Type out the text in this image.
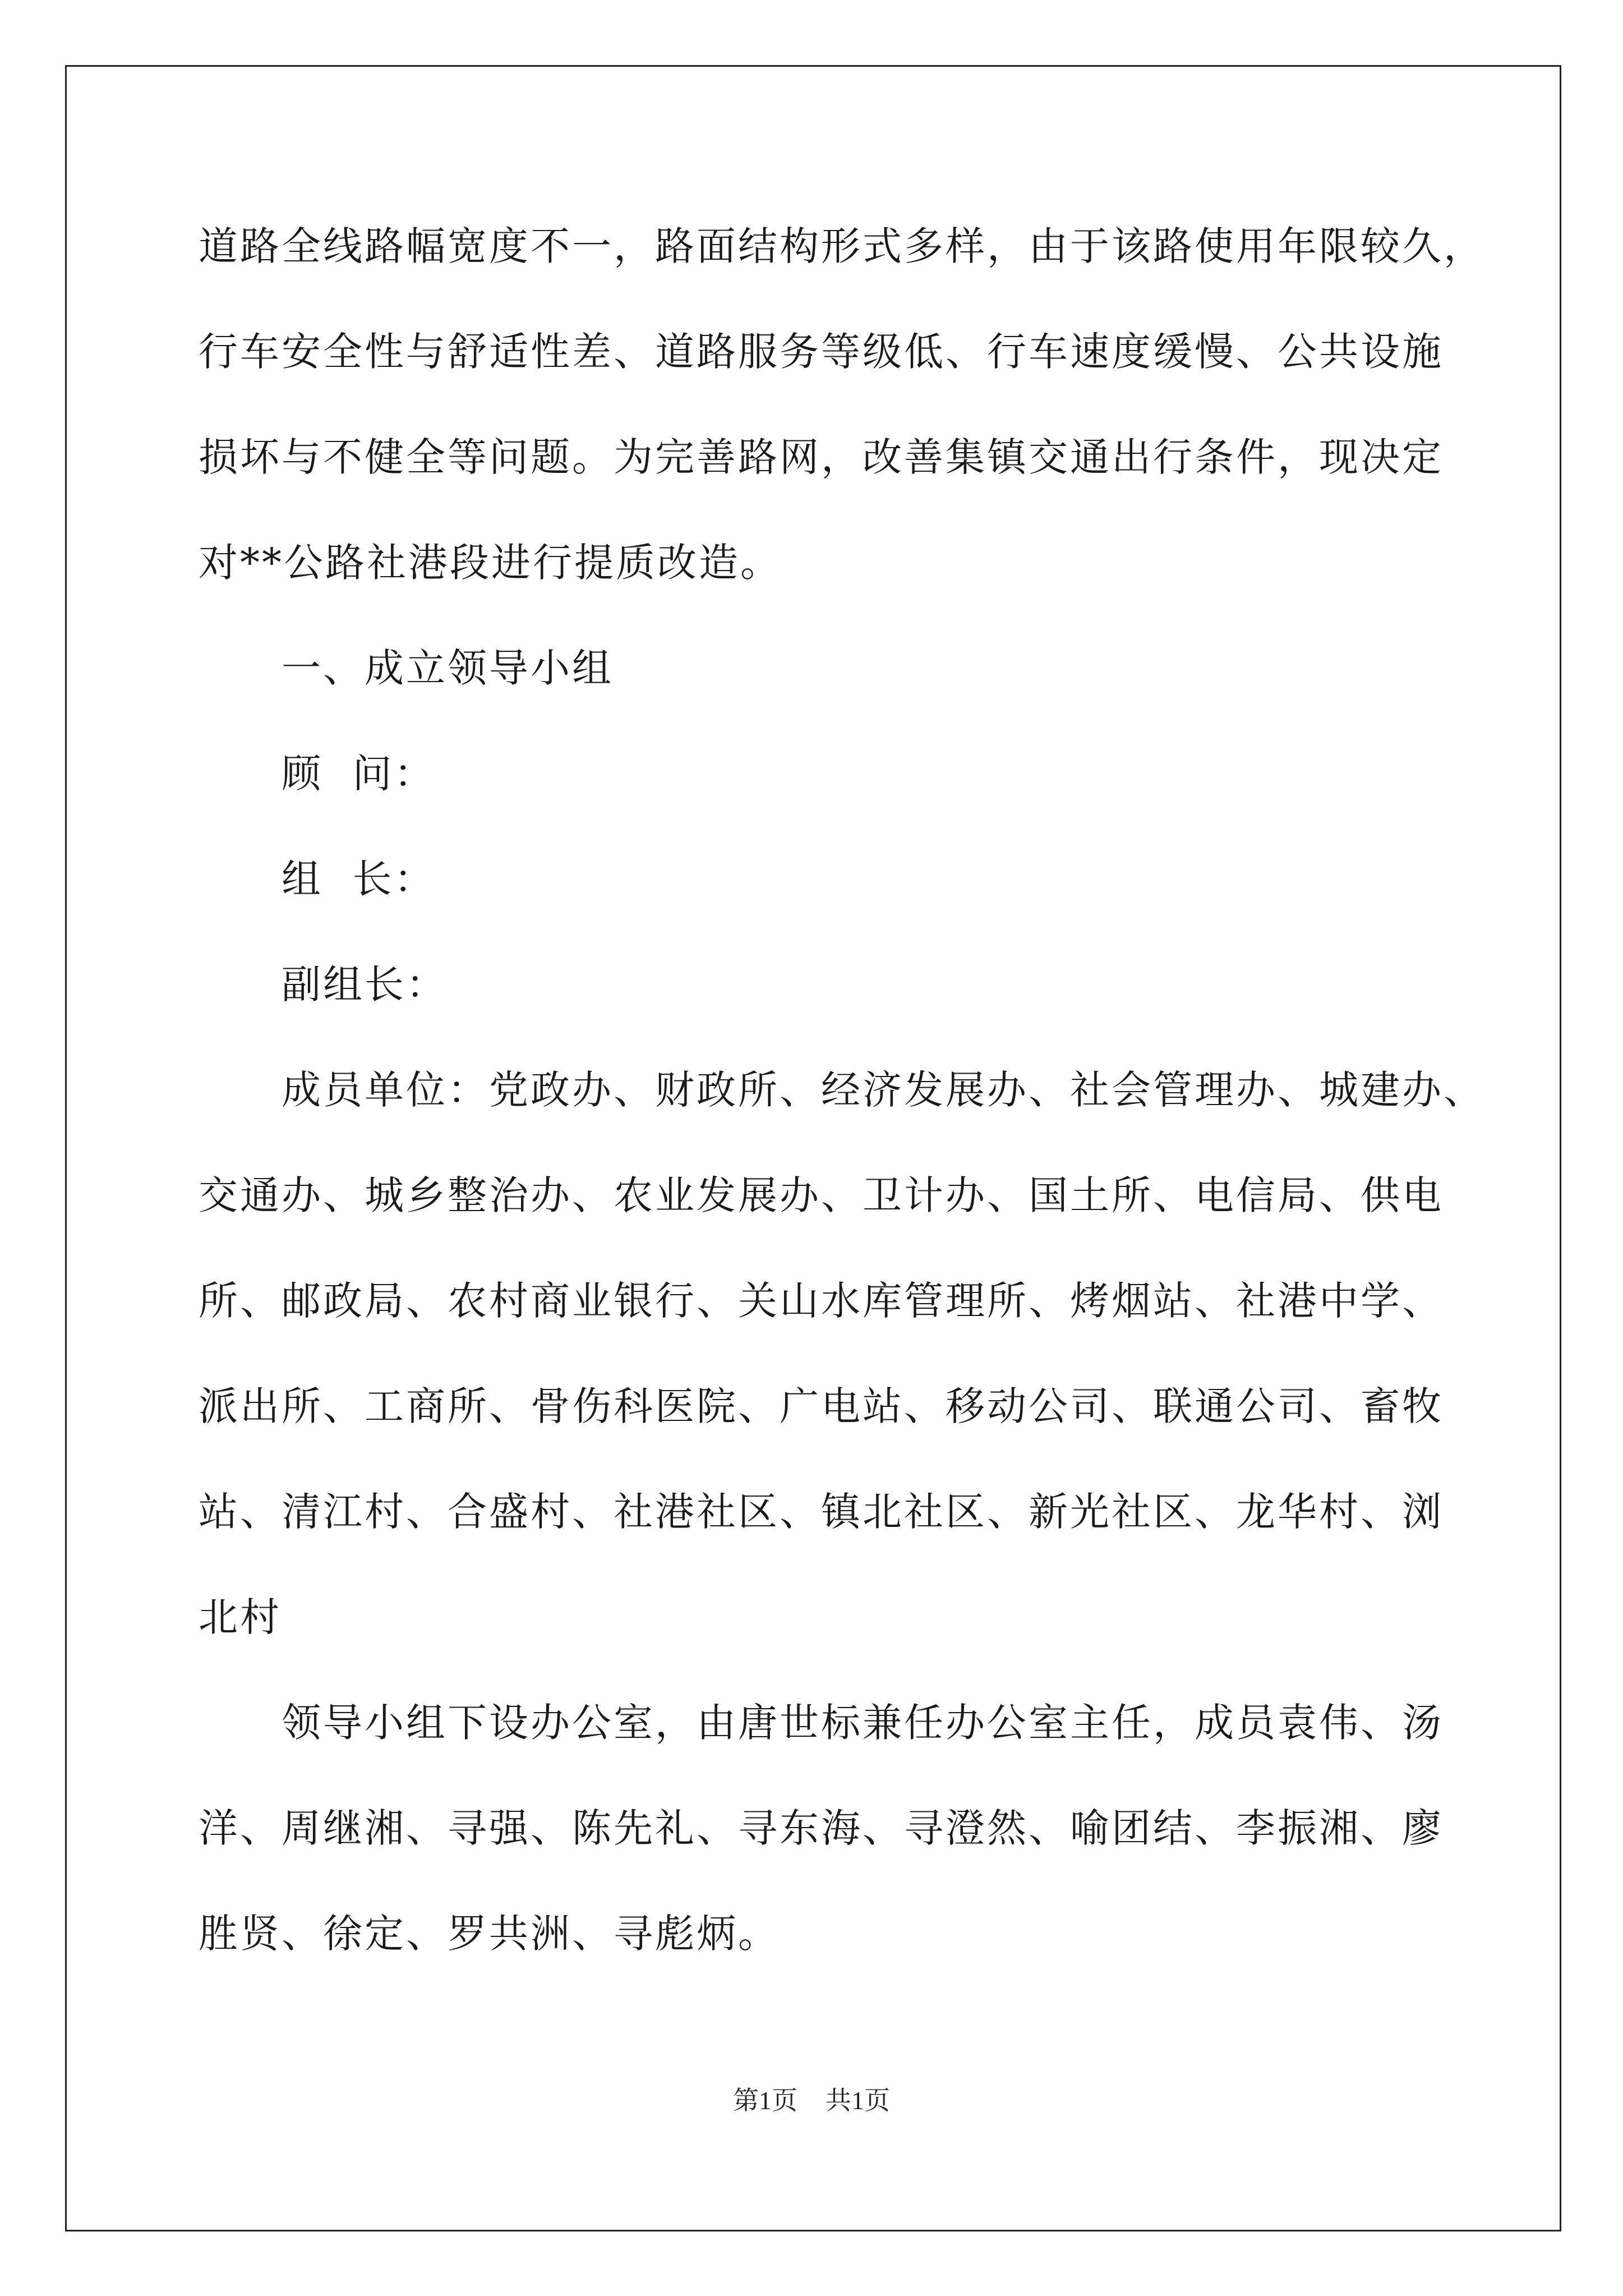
道路全线路幅宽度不一，路面结构形式多样，由于该路使用年限较久，
行车安全性与舒适性差、道路服务等级低、行车速度缓慢、公共设施
损坏与不健全等问题。为完善路网，改善集镇交通出行条件，现决定
对**公路社港段进行提质改造。
一、成立领导小组
顾  问：
组  长：
副组长：
成员单位：党政办、财政所、经济发展办、社会管理办、城建办、
交通办、城乡整治办、农业发展办、卫计办、国土所、电信局、供电
所、邮政局、农村商业银行、关山水库管理所、烤烟站、社港中学、
派出所、工商所、骨伤科医院、广电站、移动公司、联通公司、畜牧
站、清江村、合盛村、社港社区、镇北社区、新光社区、龙华村、浏
北村
领导小组下设办公室，由唐世标兼任办公室主任，成员袁伟、汤
洋、周继湘、寻强、陈先礼、寻东海、寻澄然、喻团结、李振湘、廖
胜贤、徐定、罗共洲、寻彪炳。
第1页 共1页
